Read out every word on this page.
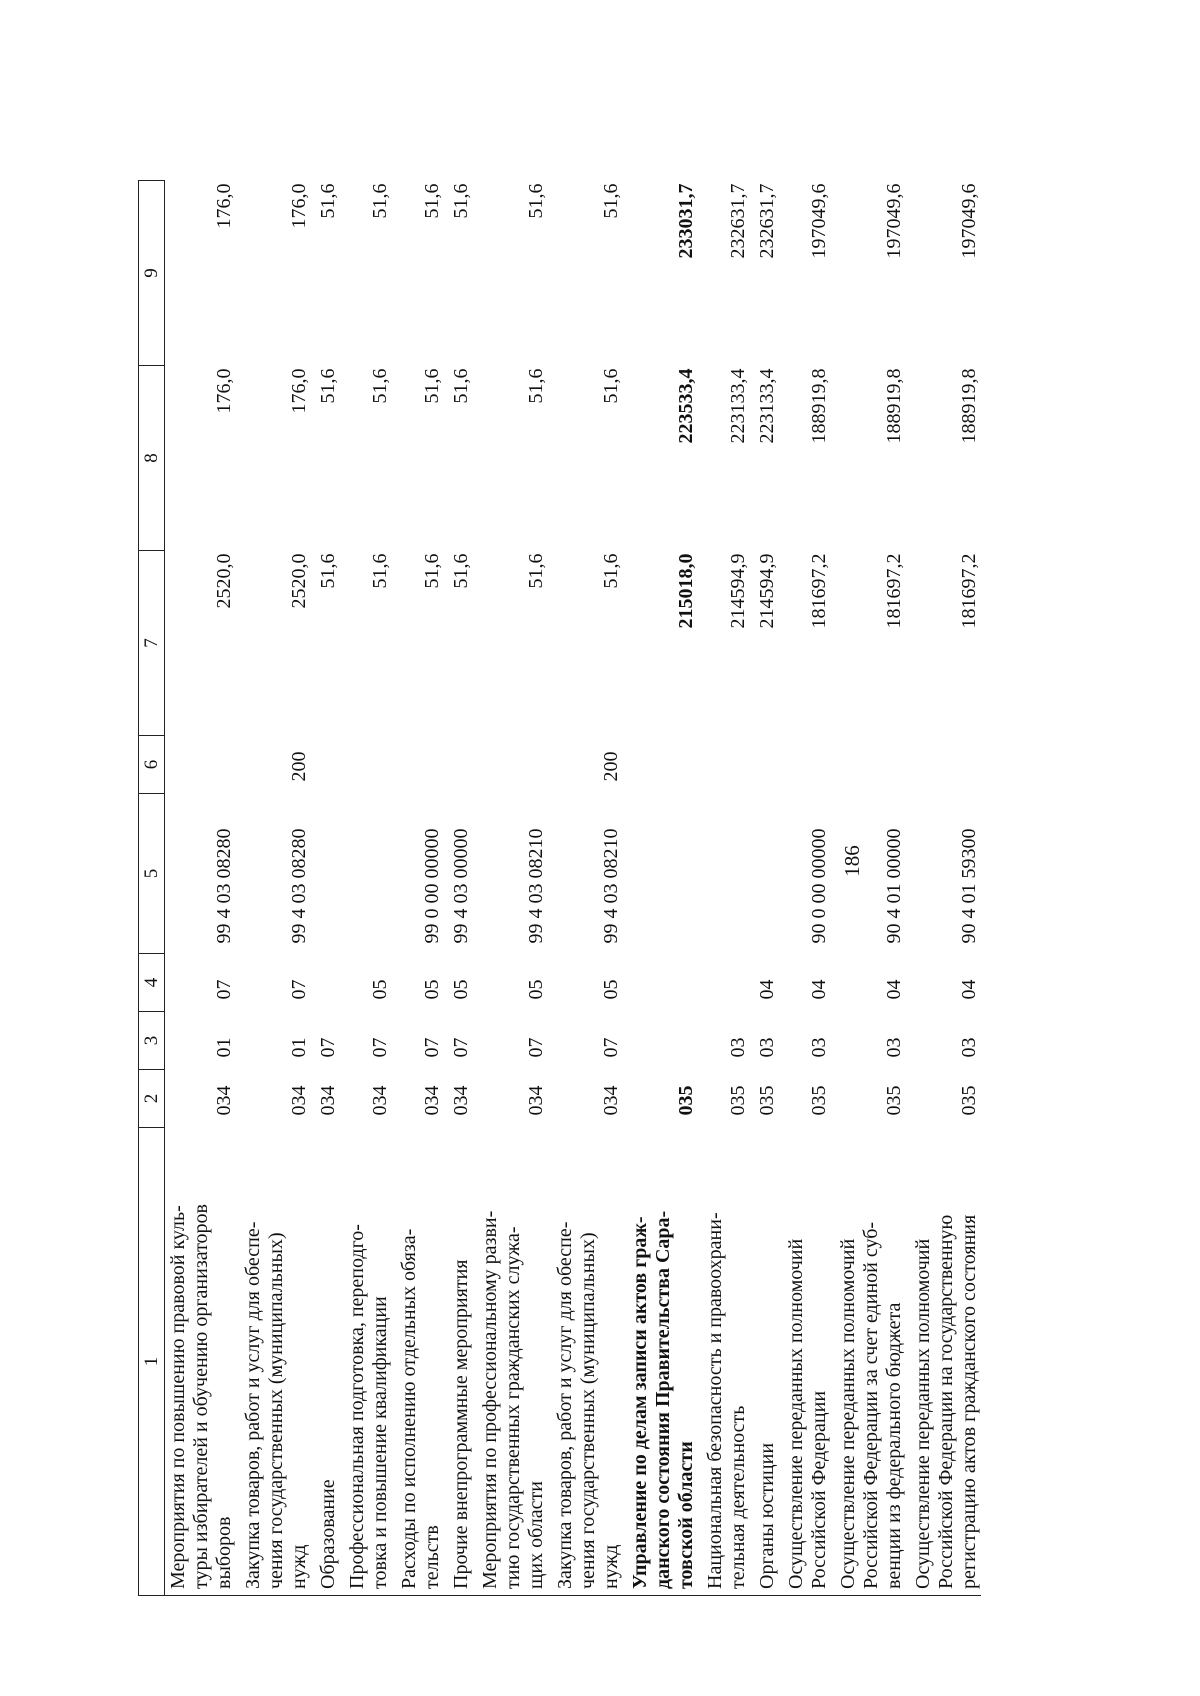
186
1	2	3	4	5	6	7	8	9

Мероприятия по повышению правовой куль- туры избирателей и обучению организаторов выборов	034	01	07	99 4 03 08280		2520,0	176,0	176,0

Закупка товаров, работ и услуг для обеспе- чения государственных (муниципальных) нужд	034	01	07	99 4 03 08280	200	2520,0	176,0	176,0

Образование	034	07				51,6	51,6	51,6

Профессиональная подготовка, переподго- товка и повышение квалификации	034	07	05			51,6	51,6	51,6

Расходы по исполнению отдельных обяза- тельств	034	07	05	99 0 00 00000		51,6	51,6	51,6

Прочие внепрограммные мероприятия	034	07	05	99 4 03 00000		51,6	51,6	51,6

Мероприятия по профессиональному разви- тию государственных гражданских служа- щих области	034	07	05	99 4 03 08210		51,6	51,6	51,6

Закупка товаров, работ и услуг для обеспе- чения государственных (муниципальных) нужд	034	07	05	99 4 03 08210	200	51,6	51,6	51,6

Управление по делам записи актов граж- данского состояния Правительства Сара- товской области	035					215018,0	223533,4	233031,7

Национальная безопасность и правоохрани- тельная деятельность	035	03				214594,9	223133,4	232631,7

Органы юстиции	035	03	04			214594,9	223133,4	232631,7

Осуществление переданных полномочий Российской Федерации	035	03	04	90 0 00 00000		181697,2	188919,8	197049,6

Осуществление переданных полномочий Российской Федерации за счет единой суб- венции из федерального бюджета	035	03	04	90 4 01 00000		181697,2	188919,8	197049,6

Осуществление переданных полномочий Российской Федерации на государственную регистрацию актов гражданского состояния	035	03	04	90 4 01 59300		181697,2	188919,8	197049,6
